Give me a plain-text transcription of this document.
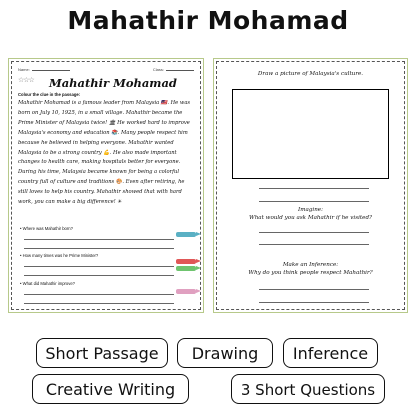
Mahathir Mohamad
Name:	Class:
☆☆☆	Mahathir Mohamad
Colour the clue in the passage:
Mahathir Mohamad is a famous leader from Malaysia 🇲🇾. He was born on July 10, 1925, in a small village. Mahathir became the Prime Minister of Malaysia twice! 🏛 He worked hard to improve Malaysia's economy and education 📚. Many people respect him because he believed in helping everyone. Mahathir wanted Malaysia to be a strong country 💪. He also made important changes to health care, making hospitals better for everyone. During his time, Malaysia became known for being a colorful country full of culture and traditions 🎨. Even after retiring, he still loves to help his country. Mahathir showed that with hard work, you can make a big difference! ☀
• Where was Mahathir born?
• How many times was he Prime Minister?
• What did Mahathir improve?
Draw a picture of Malaysia's culture.
Imagine:
What would you ask Mahathir if he visited?
Make an Inference:
Why do you think people respect Mahathir?
Short Passage	Drawing	Inference
Creative Writing	3 Short Questions
